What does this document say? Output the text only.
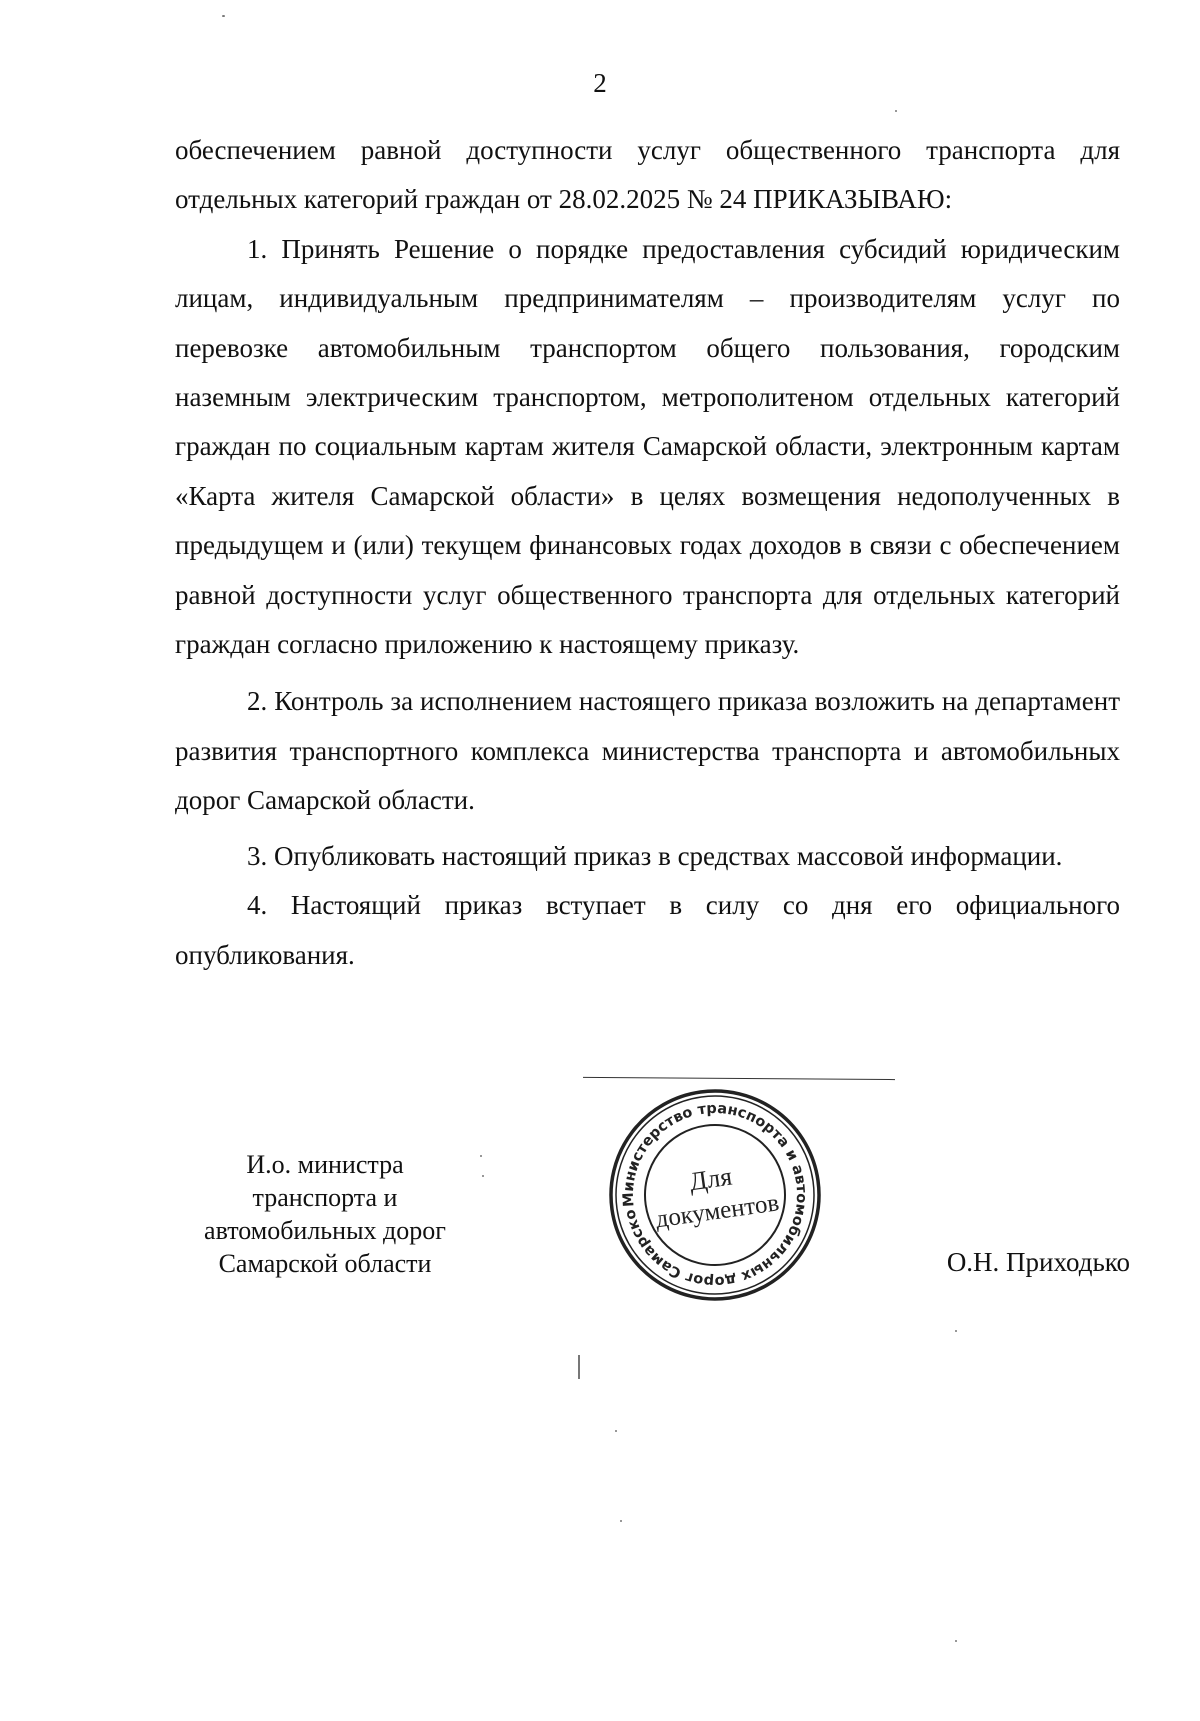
2

обеспечением равной доступности услуг общественного транспорта для отдельных категорий граждан от 28.02.2025 № 24 ПРИКАЗЫВАЮ:

1. Принять Решение о порядке предоставления субсидий юридическим лицам, индивидуальным предпринимателям – производителям услуг по перевозке автомобильным транспортом общего пользования, городским наземным электрическим транспортом, метрополитеном отдельных категорий граждан по социальным картам жителя Самарской области, электронным картам «Карта жителя Самарской области» в целях возмещения недополученных в предыдущем и (или) текущем финансовых годах доходов в связи с обеспечением равной доступности услуг общественного транспорта для отдельных категорий граждан согласно приложению к настоящему приказу.

2. Контроль за исполнением настоящего приказа возложить на департамент развития транспортного комплекса министерства транспорта и автомобильных дорог Самарской области.

3. Опубликовать настоящий приказ в средствах массовой информации.

4. Настоящий приказ вступает в силу со дня его официального опубликования.

И.о. министра
транспорта и
автомобильных дорог
Самарской области
Министерство транспорта и автомобильных дорог Самарской
Для
документов
О.Н. Приходько
